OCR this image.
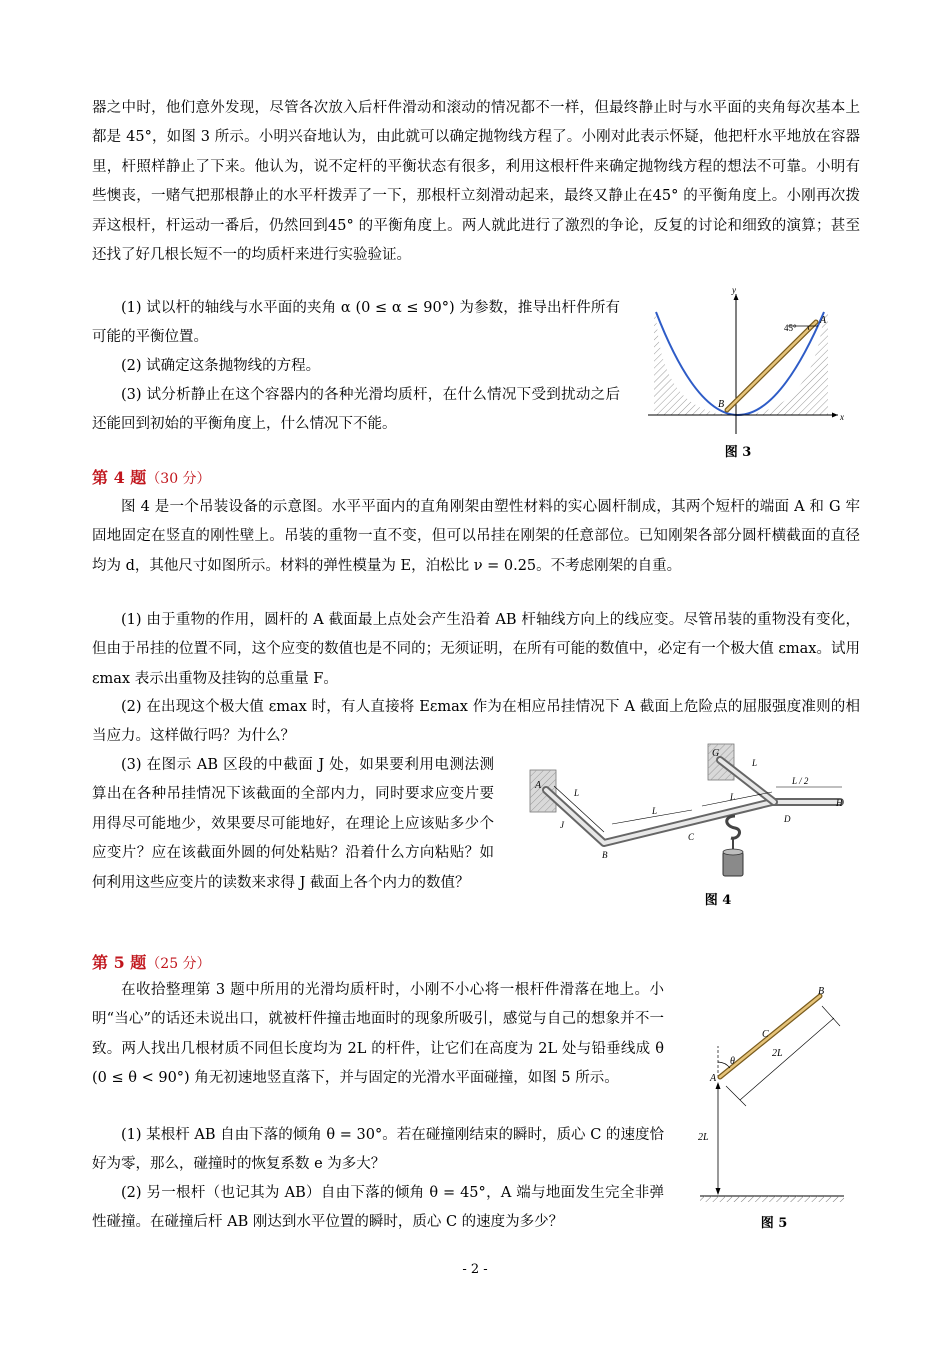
器之中时，他们意外发现，尽管各次放入后杆件滑动和滚动的情况都不一样，但最终静止时与水平面的夹角每次基本上都是 45°，如图 3 所示。小明兴奋地认为，由此就可以确定抛物线方程了。小刚对此表示怀疑，他把杆水平地放在容器里，杆照样静止了下来。他认为，说不定杆的平衡状态有很多，利用这根杆件来确定抛物线方程的想法不可靠。小明有些懊丧，一赌气把那根静止的水平杆拨弄了一下，那根杆立刻滑动起来，最终又静止在45° 的平衡角度上。小刚再次拨弄这根杆，杆运动一番后，仍然回到45° 的平衡角度上。两人就此进行了激烈的争论，反复的讨论和细致的演算；甚至还找了好几根长短不一的均质杆来进行实验验证。

(1) 试以杆的轴线与水平面的夹角 α (0 ≤ α ≤ 90°) 为参数，推导出杆件所有可能的平衡位置。

(2) 试确定这条抛物线的方程。

(3) 试分析静止在这个容器内的各种光滑均质杆，在什么情况下受到扰动之后还能回到初始的平衡角度上，什么情况下不能。

y
x
45°
A
B
图 3
第 4 题（30 分）

图 4 是一个吊装设备的示意图。水平平面内的直角刚架由塑性材料的实心圆杆制成，其两个短杆的端面 A 和 G 牢固地固定在竖直的刚性壁上。吊装的重物一直不变，但可以吊挂在刚架的任意部位。已知刚架各部分圆杆横截面的直径均为 d，其他尺寸如图所示。材料的弹性模量为 E，泊松比 ν = 0.25。不考虑刚架的自重。

(1) 由于重物的作用，圆杆的 A 截面最上点处会产生沿着 AB 杆轴线方向上的线应变。尽管吊装的重物没有变化，但由于吊挂的位置不同，这个应变的数值也是不同的；无须证明，在所有可能的数值中，必定有一个极大值 εmax。试用 εmax 表示出重物及挂钩的总重量 F。

(2) 在出现这个极大值 εmax 时，有人直接将 Eεmax 作为在相应吊挂情况下 A 截面上危险点的屈服强度准则的相当应力。这样做行吗？为什么？

(3) 在图示 AB 区段的中截面 J 处，如果要利用电测法测算出在各种吊挂情况下该截面的全部内力，同时要求应变片要用得尽可能地少，效果要尽可能地好，在理论上应该贴多少个应变片？应在该截面外圆的何处粘贴？沿着什么方向粘贴？如何利用这些应变片的读数来求得 J 截面上各个内力的数值？

A
G
J
B
C
D
H
L
L
L
L
L / 2
图 4
第 5 题（25 分）

在收拾整理第 3 题中所用的光滑均质杆时，小刚不小心将一根杆件滑落在地上。小明“当心”的话还未说出口，就被杆件撞击地面时的现象所吸引，感觉与自己的想象并不一致。两人找出几根材质不同但长度均为 2L 的杆件，让它们在高度为 2L 处与铅垂线成 θ (0 ≤ θ < 90°) 角无初速地竖直落下，并与固定的光滑水平面碰撞，如图 5 所示。

(1) 某根杆 AB 自由下落的倾角 θ = 30°。若在碰撞刚结束的瞬时，质心 C 的速度恰好为零，那么，碰撞时的恢复系数 e 为多大？

(2) 另一根杆（也记其为 AB）自由下落的倾角 θ = 45°，A 端与地面发生完全非弹性碰撞。在碰撞后杆 AB 刚达到水平位置的瞬时，质心 C 的速度为多少？

B
C
A
θ
2L
2L
图 5
- 2 -
